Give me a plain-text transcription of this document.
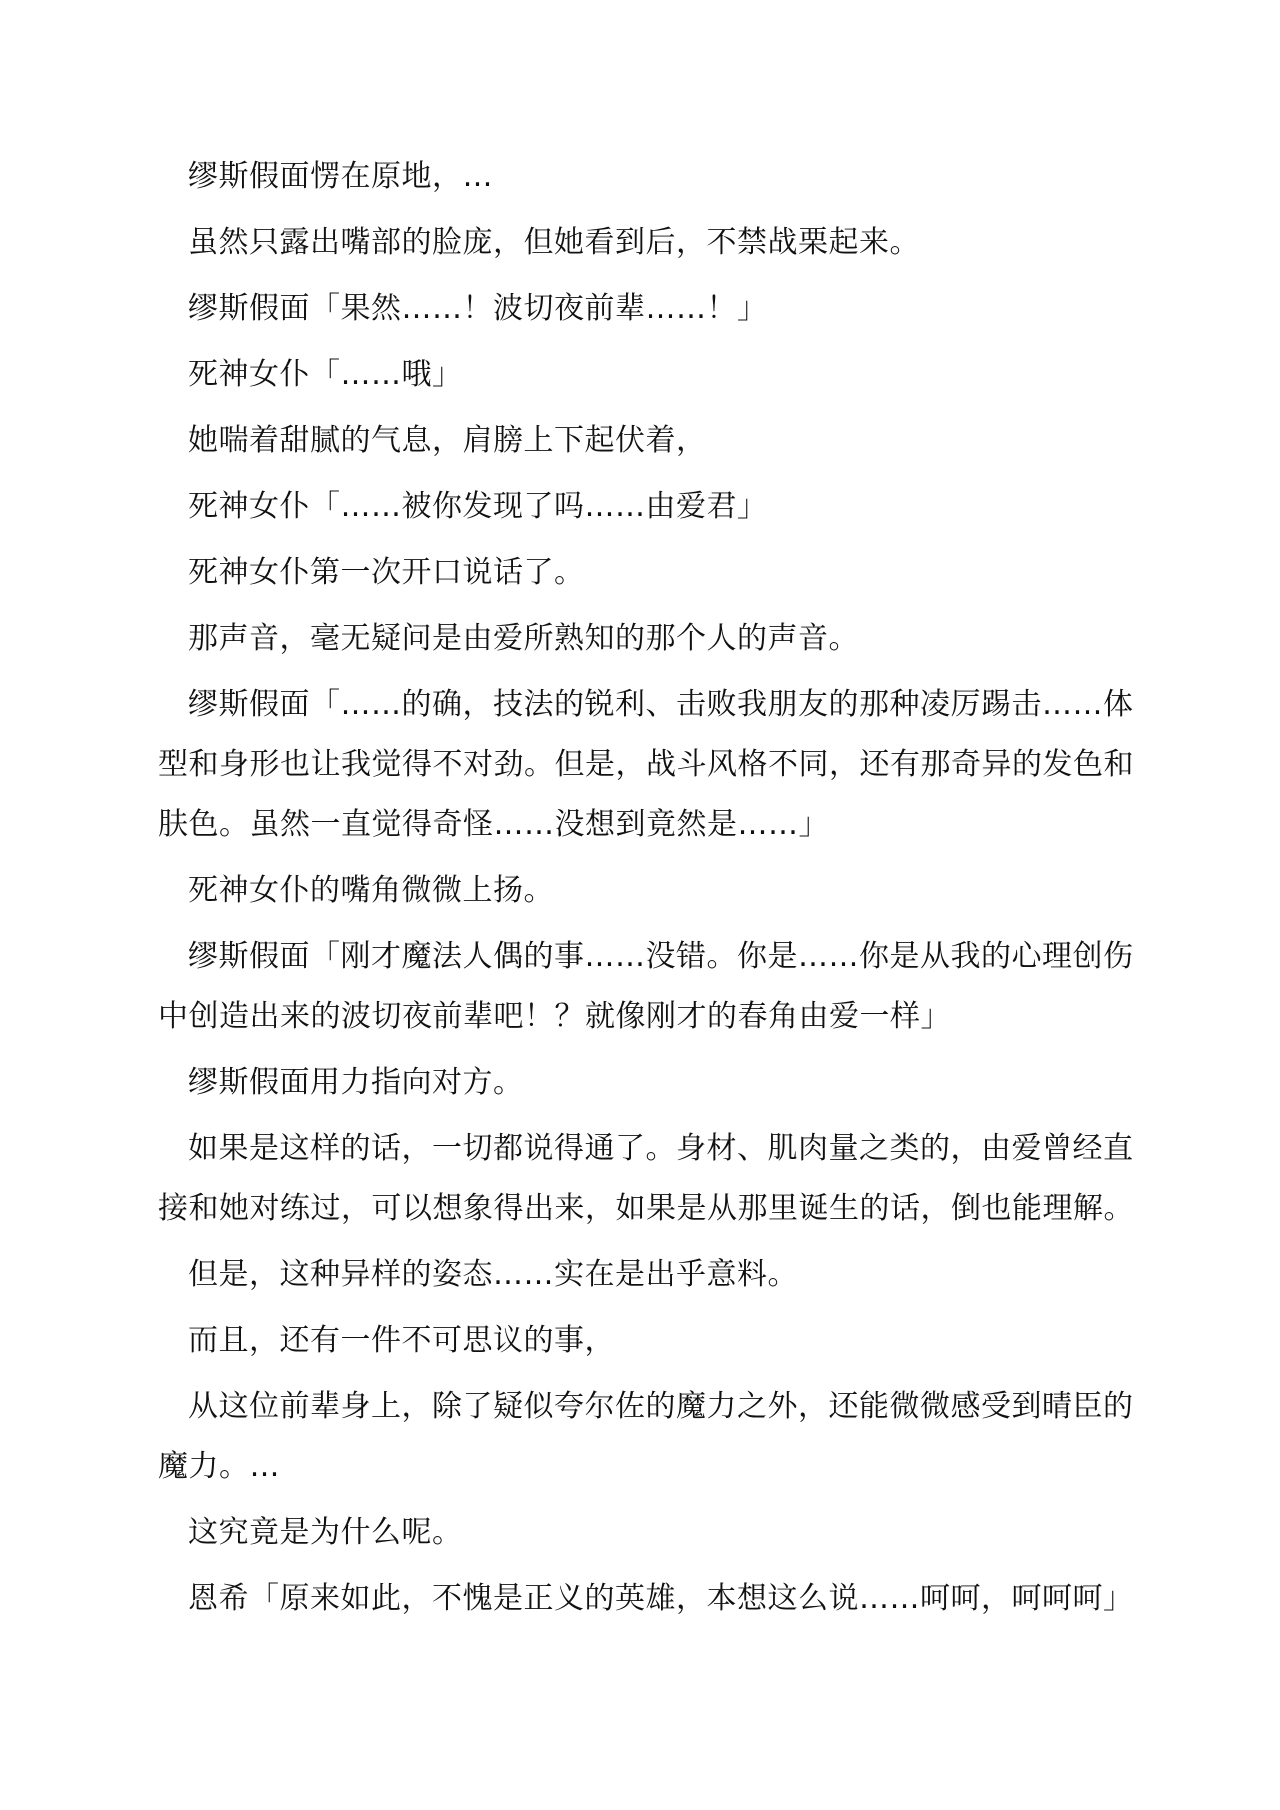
缪斯假面愣在原地，…

虽然只露出嘴部的脸庞，但她看到后，不禁战栗起来。

缪斯假面「果然……！波切夜前辈……！」

死神女仆「……哦」

她喘着甜腻的气息，肩膀上下起伏着，

死神女仆「……被你发现了吗……由爱君」

死神女仆第一次开口说话了。

那声音，毫无疑问是由爱所熟知的那个人的声音。

缪斯假面「……的确，技法的锐利、击败我朋友的那种凌厉踢击……体
型和身形也让我觉得不对劲。但是，战斗风格不同，还有那奇异的发色和
肤色。虽然一直觉得奇怪……没想到竟然是……」

死神女仆的嘴角微微上扬。

缪斯假面「刚才魔法人偶的事……没错。你是……你是从我的心理创伤
中创造出来的波切夜前辈吧！？就像刚才的春角由爱一样」

缪斯假面用力指向对方。

如果是这样的话，一切都说得通了。身材、肌肉量之类的，由爱曾经直
接和她对练过，可以想象得出来，如果是从那里诞生的话，倒也能理解。

但是，这种异样的姿态……实在是出乎意料。

而且，还有一件不可思议的事，

从这位前辈身上，除了疑似夸尔佐的魔力之外，还能微微感受到晴臣的
魔力。…

这究竟是为什么呢。

恩希「原来如此，不愧是正义的英雄，本想这么说……呵呵，呵呵呵」
